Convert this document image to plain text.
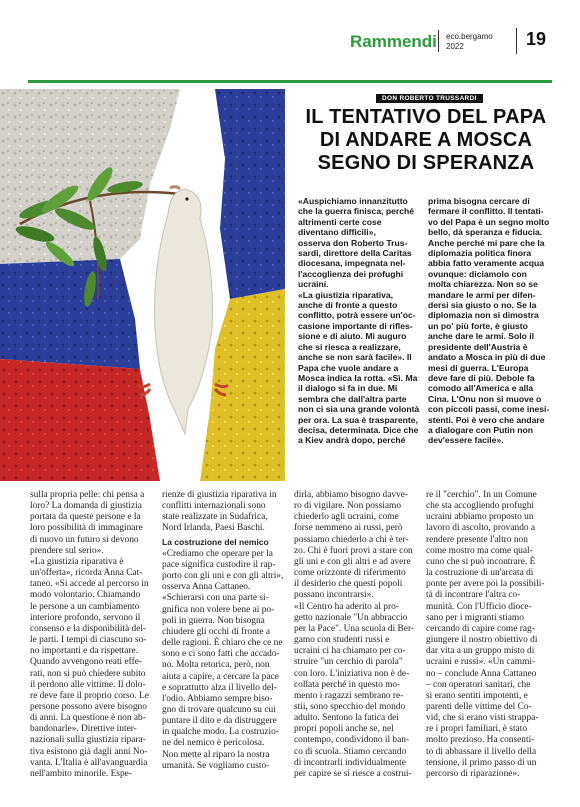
Rammendi eco.bergamo
2022	19
DON ROBERTO TRUSSARDI
IL TENTATIVO DEL PAPA
DI ANDARE A MOSCA
SEGNO DI SPERANZA
«Auspichiamo innanzitutto
che la guerra finisca, perché
altrimenti certe cose
diventano difficili»,
osserva don Roberto Trus-
sardi, direttore della Caritas
diocesana, impegnata nel-
l'accoglienza dei profughi
ucraini.
«La giustizia riparativa,
anche di fronte a questo
conflitto, potrà essere un'oc-
casione importante di rifles-
sione e di aiuto. Mi auguro
che si riesca a realizzare,
anche se non sarà facile». Il
Papa che vuole andare a
Mosca indica la rotta. «Sì. Ma
il dialogo si fa in due. Mi
sembra che dall'altra parte
non ci sia una grande volontà
per ora. La sua è trasparente,
decisa, determinata. Dice che
a Kiev andrà dopo, perché
prima bisogna cercare di
fermare il conflitto. Il tentati-
vo del Papa è un segno molto
bello, dà speranza e fiducia.
Anche perché mi pare che la
diplomazia politica finora
abbia fatto veramente acqua
ovunque: diciamolo con
molta chiarezza. Non so se
mandare le armi per difen-
dersi sia giusto o no. Se la
diplomazia non si dimostra
un po' più forte, è giusto
anche dare le armi. Solo il
presidente dell'Austria è
andato a Mosca in più di due
mesi di guerra. L'Europa
deve fare di più. Debole fa
comodo all'America e alla
Cina. L'Onu non si muove o
con piccoli passi, come inesi-
stenti. Poi è vero che andare
a dialogare con Putin non
dev'essere facile».
sulla propria pelle: chi pensa a
loro? La domanda di giustizia
portata da queste persone e la
loro possibilità di immaginare
di nuovo un futuro si devono
prendere sul serio».
«La giustizia riparativa è
un'offerta», ricorda Anna Cat-
taneo. «Si accede al percorso in
modo volontario. Chiamando
le persone a un cambiamento
interiore profondo, servono il
consenso e la disponibilità del-
le parti. I tempi di ciascuno so-
no importanti e da rispettare.
Quando avvengono reati effe-
rati, non si può chiedere subito
il perdono alle vittime. Il dolo-
re deve fare il proprio corso. Le
persone possono avere bisogno
di anni. La questione è non ab-
bandonarle». Direttive inter-
nazionali sulla giustizia ripara-
tiva esistono già dagli anni No-
vanta. L'Italia è all'avanguardia
nell'ambito minorile. Espe-
rienze di giustizia riparativa in
conflitti internazionali sono
state realizzate in Sudafrica,
Nord Irlanda, Paesi Baschi.
La costruzione del nemico
«Crediamo che operare per la
pace significa custodire il rap-
porto con gli uni e con gli altri»,
osserva Anna Cattaneo.
«Schierarsi con una parte si-
gnifica non volere bene ai po-
poli in guerra. Non bisogna
chiudere gli occhi di fronte a
delle ragioni. È chiaro che ce ne
sono e ci sono fatti che accado-
no. Molta retorica, però, non
aiuta a capire, a cercare la pace
e soprattutto alza il livello del-
l'odio. Abbiamo sempre biso-
gno di trovare qualcuno su cui
puntare il dito e da distruggere
in qualche modo. La costruzio-
ne del nemico è pericolosa.
Non mette al riparo la nostra
umanità. Se vogliamo custo-
dirla, abbiamo bisogno davve-
ro di vigilare. Non possiamo
chiederlo agli ucraini, come
forse nemmeno ai russi, però
possiamo chiederlo a chi è ter-
zo. Chi è fuori provi a stare con
gli uni e con gli altri e ad avere
come orizzonte di riferimento
il desiderio che questi popoli
possano incontrarsi».
«Il Centro ha aderito al pro-
getto nazionale "Un abbraccio
per la Pace". Una scuola di Ber-
gamo con studenti russi e
ucraini ci ha chiamato per co-
struire "un cerchio di parola"
con loro. L'iniziativa non è de-
collata perché in questo mo-
mento i ragazzi sembrano re-
stii, sono specchio del mondo
adulto. Sentono la fatica dei
propri popoli anche se, nel
contempo, condividono il ban-
co di scuola. Stiamo cercando
di incontrarli individualmente
per capire se si riesce a costrui-
re il "cerchio". In un Comune
che sta accogliendo profughi
ucraini abbiamo proposto un
lavoro di ascolto, provando a
rendere presente l'altro non
come mostro ma come qual-
cuno che si può incontrare. È
la costruzione di un'arcata di
ponte per avere poi la possibili-
tà di incontrare l'altra co-
munità. Con l'Ufficio dioce-
sano per i migranti stiamo
cercando di capire come rag-
giungere il nostro obiettivo di
dar vita a un gruppo misto di
ucraini e russi». «Un cammi-
no – conclude Anna Cattaneo
– con operatori sanitari, che
si erano sentiti impotenti, e
parenti delle vittime del Co-
vid, che si erano visti strappa-
re i propri familiari, è stato
molto prezioso. Ha consenti-
to di abbassare il livello della
tensione, il primo passo di un
percorso di riparazione».
